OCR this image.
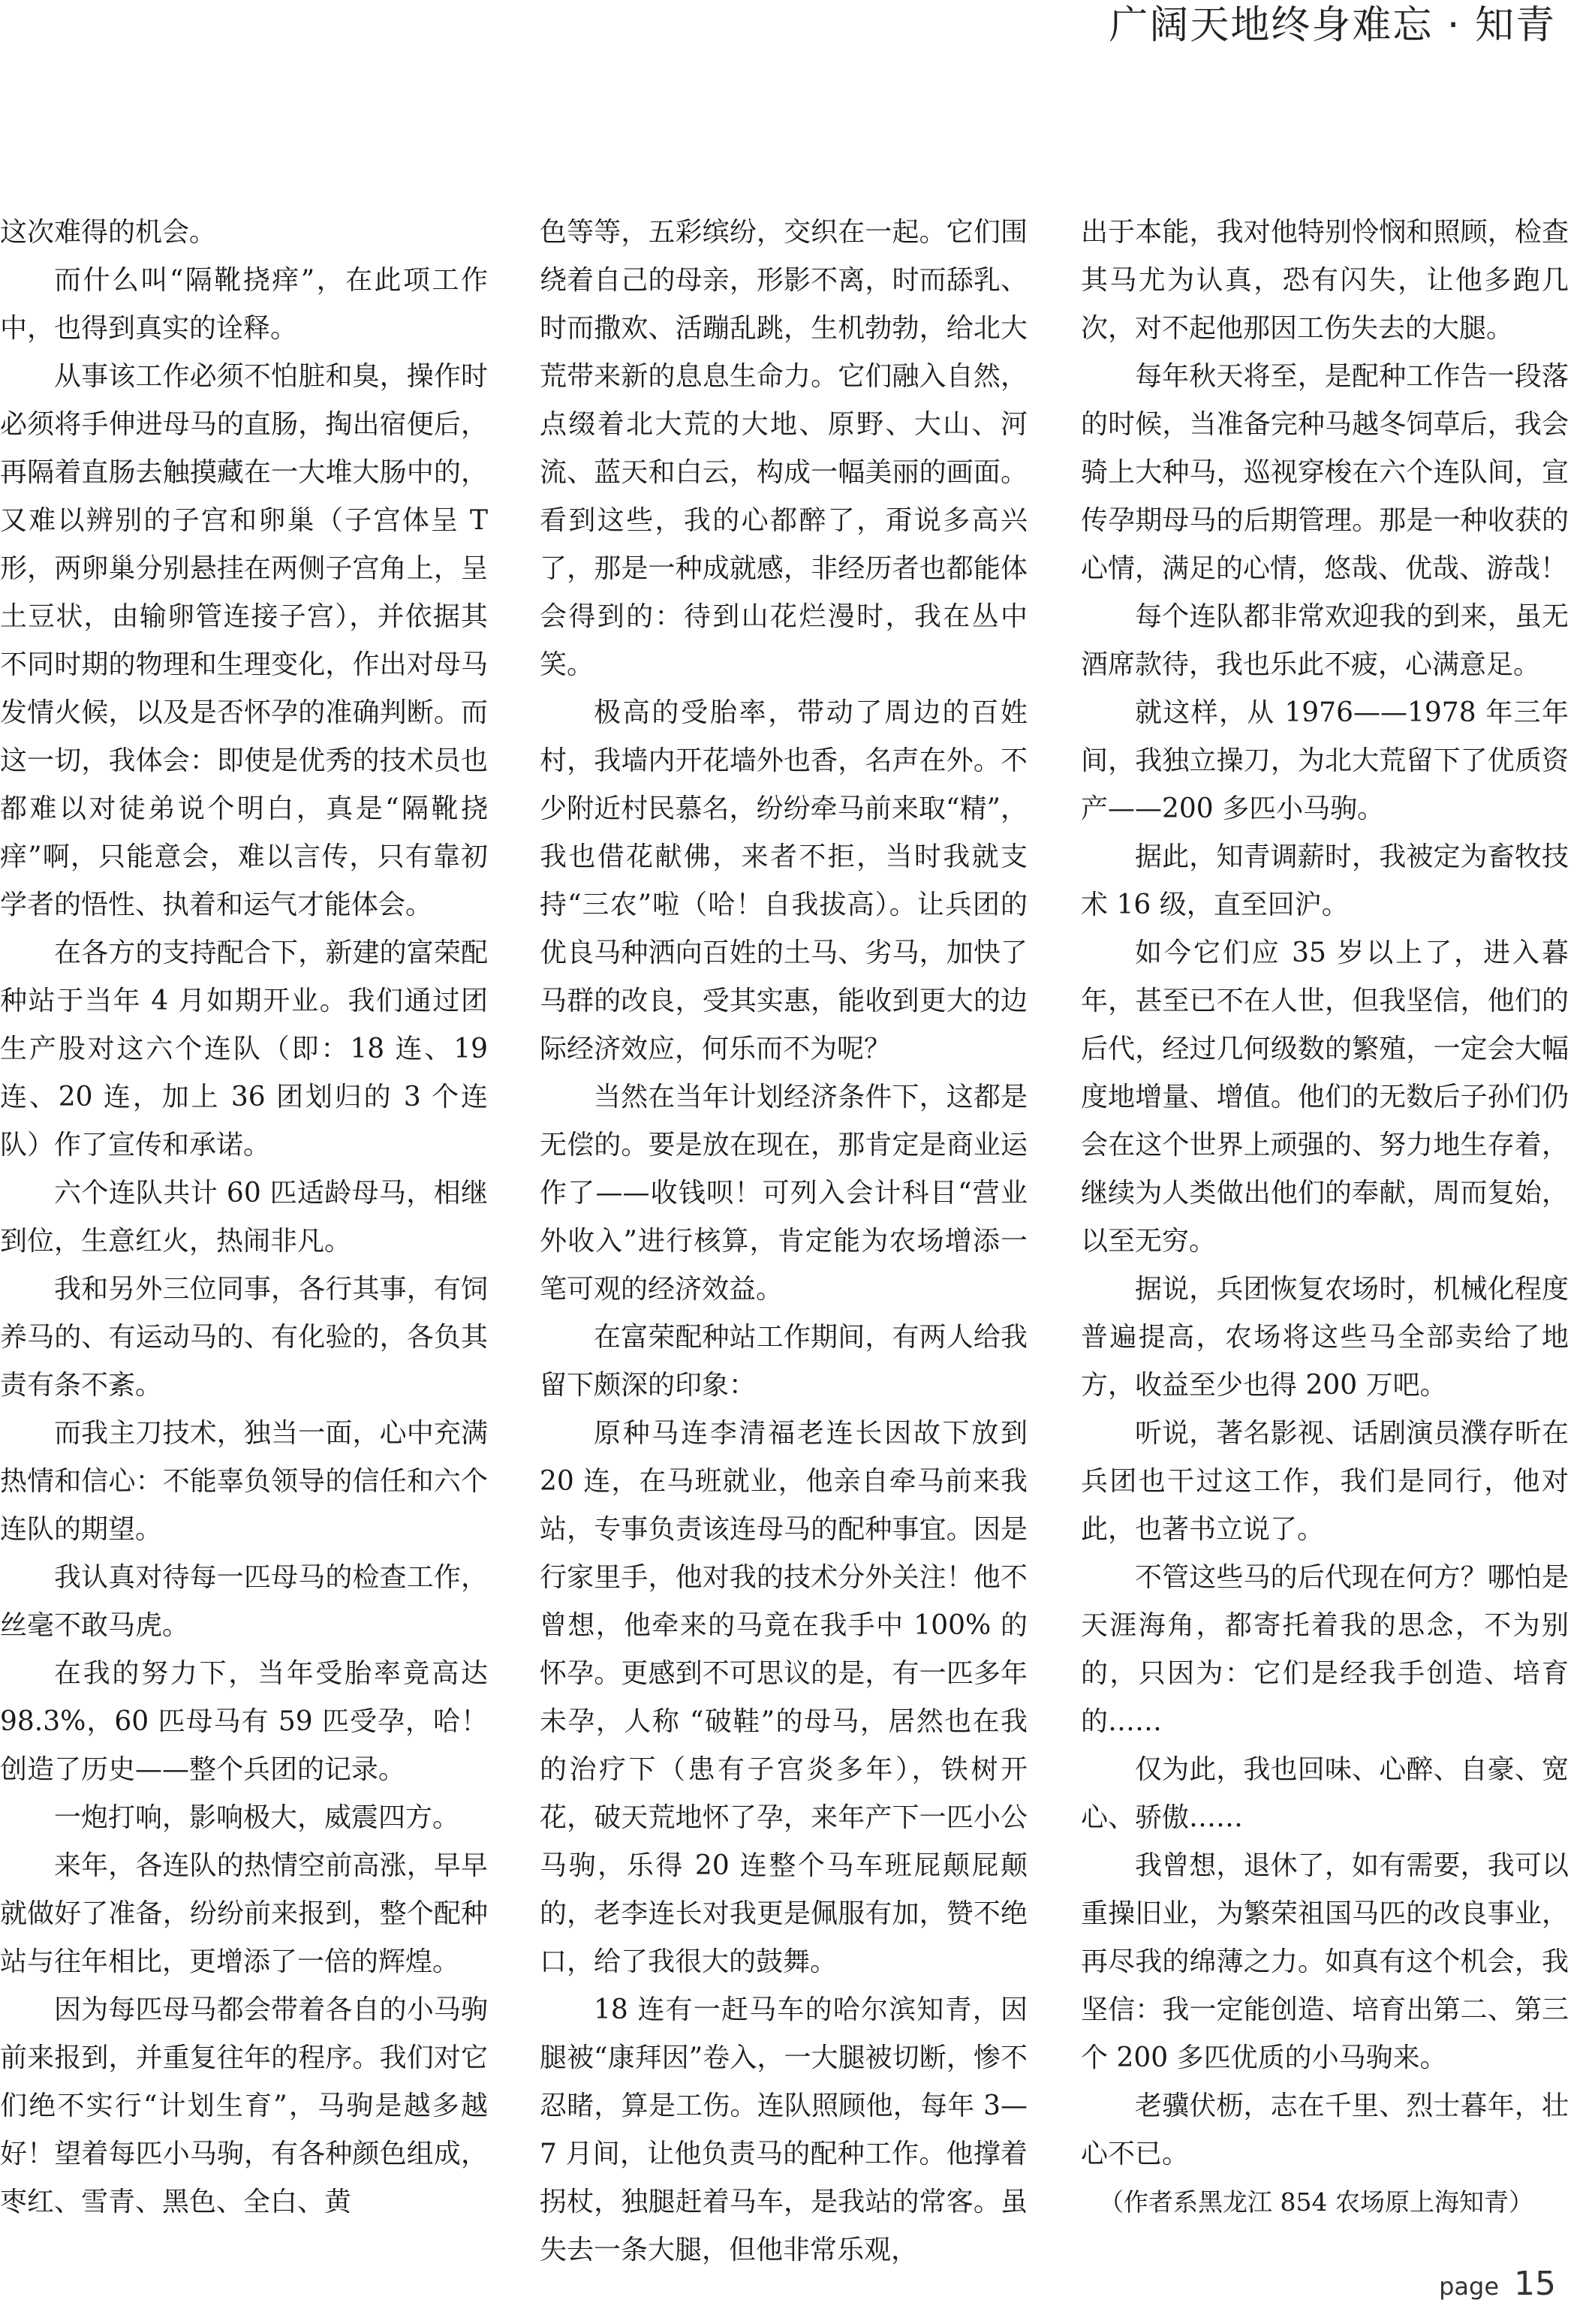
广阔天地终身难忘 · 知青

这次难得的机会。

而什么叫“隔靴挠痒”，在此项工作中，也得到真实的诠释。

从事该工作必须不怕脏和臭，操作时必须将手伸进母马的直肠，掏出宿便后，再隔着直肠去触摸藏在一大堆大肠中的，又难以辨别的子宫和卵巢（子宫体呈 T 形，两卵巢分别悬挂在两侧子宫角上，呈土豆状，由输卵管连接子宫），并依据其不同时期的物理和生理变化，作出对母马发情火候，以及是否怀孕的准确判断。而这一切，我体会：即使是优秀的技术员也都难以对徒弟说个明白，真是“隔靴挠痒”啊，只能意会，难以言传，只有靠初学者的悟性、执着和运气才能体会。

在各方的支持配合下，新建的富荣配种站于当年 4 月如期开业。我们通过团生产股对这六个连队（即：18 连、19 连、20 连，加上 36 团划归的 3 个连队）作了宣传和承诺。

六个连队共计 60 匹适龄母马，相继到位，生意红火，热闹非凡。

我和另外三位同事，各行其事，有饲养马的、有运动马的、有化验的，各负其责有条不紊。

而我主刀技术，独当一面，心中充满热情和信心：不能辜负领导的信任和六个连队的期望。

我认真对待每一匹母马的检查工作，丝毫不敢马虎。

在我的努力下，当年受胎率竟高达 98.3%，60 匹母马有 59 匹受孕，哈！创造了历史——整个兵团的记录。

一炮打响，影响极大，威震四方。

来年，各连队的热情空前高涨，早早就做好了准备，纷纷前来报到，整个配种站与往年相比，更增添了一倍的辉煌。

因为每匹母马都会带着各自的小马驹前来报到，并重复往年的程序。我们对它们绝不实行“计划生育”，马驹是越多越好！望着每匹小马驹，有各种颜色组成，枣红、雪青、黑色、全白、黄

色等等，五彩缤纷，交织在一起。它们围绕着自己的母亲，形影不离，时而舔乳、时而撒欢、活蹦乱跳，生机勃勃，给北大荒带来新的息息生命力。它们融入自然，点缀着北大荒的大地、原野、大山、河流、蓝天和白云，构成一幅美丽的画面。看到这些，我的心都醉了，甭说多高兴了，那是一种成就感，非经历者也都能体会得到的：待到山花烂漫时，我在丛中笑。

极高的受胎率，带动了周边的百姓村，我墙内开花墙外也香，名声在外。不少附近村民慕名，纷纷牵马前来取“精”，我也借花献佛，来者不拒，当时我就支持“三农”啦（哈！自我拔高）。让兵团的优良马种洒向百姓的土马、劣马，加快了马群的改良，受其实惠，能收到更大的边际经济效应，何乐而不为呢？

当然在当年计划经济条件下，这都是无偿的。要是放在现在，那肯定是商业运作了——收钱呗！可列入会计科目“营业外收入”进行核算，肯定能为农场增添一笔可观的经济效益。

在富荣配种站工作期间，有两人给我留下颇深的印象：

原种马连李清福老连长因故下放到 20 连，在马班就业，他亲自牵马前来我站，专事负责该连母马的配种事宜。因是行家里手，他对我的技术分外关注！他不曾想，他牵来的马竟在我手中 100% 的怀孕。更感到不可思议的是，有一匹多年未孕，人称 “破鞋”的母马，居然也在我的治疗下（患有子宫炎多年），铁树开花，破天荒地怀了孕，来年产下一匹小公马驹，乐得 20 连整个马车班屁颠屁颠的，老李连长对我更是佩服有加，赞不绝口，给了我很大的鼓舞。

18 连有一赶马车的哈尔滨知青，因腿被“康拜因”卷入，一大腿被切断，惨不忍睹，算是工伤。连队照顾他，每年 3—7 月间，让他负责马的配种工作。他撑着拐杖，独腿赶着马车，是我站的常客。虽失去一条大腿，但他非常乐观，

出于本能，我对他特别怜悯和照顾，检查其马尤为认真，恐有闪失，让他多跑几次，对不起他那因工伤失去的大腿。

每年秋天将至，是配种工作告一段落的时候，当准备完种马越冬饲草后，我会骑上大种马，巡视穿梭在六个连队间，宣传孕期母马的后期管理。那是一种收获的心情，满足的心情，悠哉、优哉、游哉！

每个连队都非常欢迎我的到来，虽无酒席款待，我也乐此不疲，心满意足。

就这样，从 1976——1978 年三年间，我独立操刀，为北大荒留下了优质资产——200 多匹小马驹。

据此，知青调薪时，我被定为畜牧技术 16 级，直至回沪。

如今它们应 35 岁以上了，进入暮年，甚至已不在人世，但我坚信，他们的后代，经过几何级数的繁殖，一定会大幅度地增量、增值。他们的无数后子孙们仍会在这个世界上顽强的、努力地生存着，继续为人类做出他们的奉献，周而复始，以至无穷。

据说，兵团恢复农场时，机械化程度普遍提高，农场将这些马全部卖给了地方，收益至少也得 200 万吧。

听说，著名影视、话剧演员濮存昕在兵团也干过这工作，我们是同行，他对此，也著书立说了。

不管这些马的后代现在何方？哪怕是天涯海角，都寄托着我的思念，不为别的，只因为：它们是经我手创造、培育的……

仅为此，我也回味、心醉、自豪、宽心、骄傲……

我曾想，退休了，如有需要，我可以重操旧业，为繁荣祖国马匹的改良事业，再尽我的绵薄之力。如真有这个机会，我坚信：我一定能创造、培育出第二、第三个 200 多匹优质的小马驹来。

老骥伏枥，志在千里、烈士暮年，壮心不已。

（作者系黑龙江 854 农场原上海知青）

page 15
